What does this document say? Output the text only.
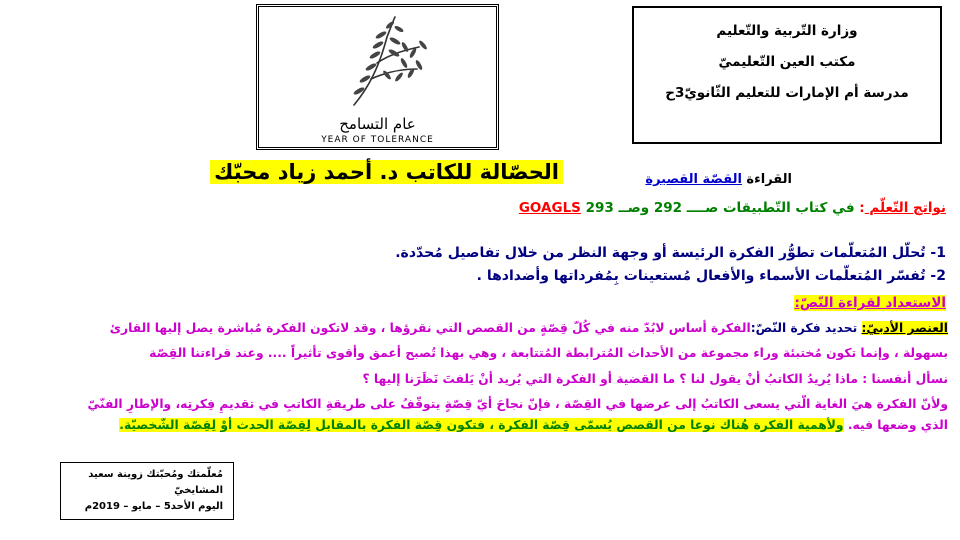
وزارة التّربية والتّعليم
مكتب العين التّعليميّ
مدرسة أم الإمارات للتعليم الثّانويّ3ح
عام التسامح
YEAR OF TOLERANCE
الحصّالة للكاتب د. أحمد زياد محبّك	القراءة القصّة القصيرة
نواتج التّعلّم : في كتاب التّطبيقات صــــ 292 وصــ 293 GOAGLS
1- تُحلّل المُتعلّمات تطوُّر الفكرة الرئيسة أو وجهة النظر من خلال تفاصيل مُحدّدة.
2- تُفسّر المُتعلّمات الأسماء والأفعال مُستعينات بِمُفرداتها وأضدادها .
الاستعداد لقراءة النّصّ:
العنصر الأدبيّ: تحديد فكرة النّصّ:الفكرة أساس لابُدّ منه في كُلّ قِصّةٍ من القصص التي نقرؤها ، وقد لاتكون الفكرة مُباشرة يصل إليها القارئ
بسهولة ، وإنما تكون مُختبئة وراء مجموعة من الأحداث المُترابطة المُتتابعة ، وهي بهذا تُصبح أعمق وأقوى تأثيراً .... وعند قراءتنا القِصّة
نسأل أنفسنا : ماذا يُريدُ الكاتبُ أنْ يقول لنا ؟ ما القضية أو الفكرة التي يُريد أنْ يَلفتَ نَظَرَنا إليها ؟
ولأنّ الفكرة هيَ الغاية الّتي يسعى الكاتبُ إلى عرضها في القِصّة ، فإنّ نجاحَ أيّ قِصّةٍ يتوقّفُ على طريقةِ الكاتبِ في تقديمِ فِكرتِه، والإطارِ الفنّيّ
الذي وضعها فيه. ولأهمية الفكرة هُناك نوعا من القصص يُسمّى قِصّة الفكرة ، فتكون قِصّة الفكرة بالمقابل لِقِصّة الحدث أوْ لِقِصّة الشّخصيّة.
مُعلّمتك ومُحبّتك زوينة سعيد المشايخيّ
اليوم الأحد5 – مايو – 2019م
